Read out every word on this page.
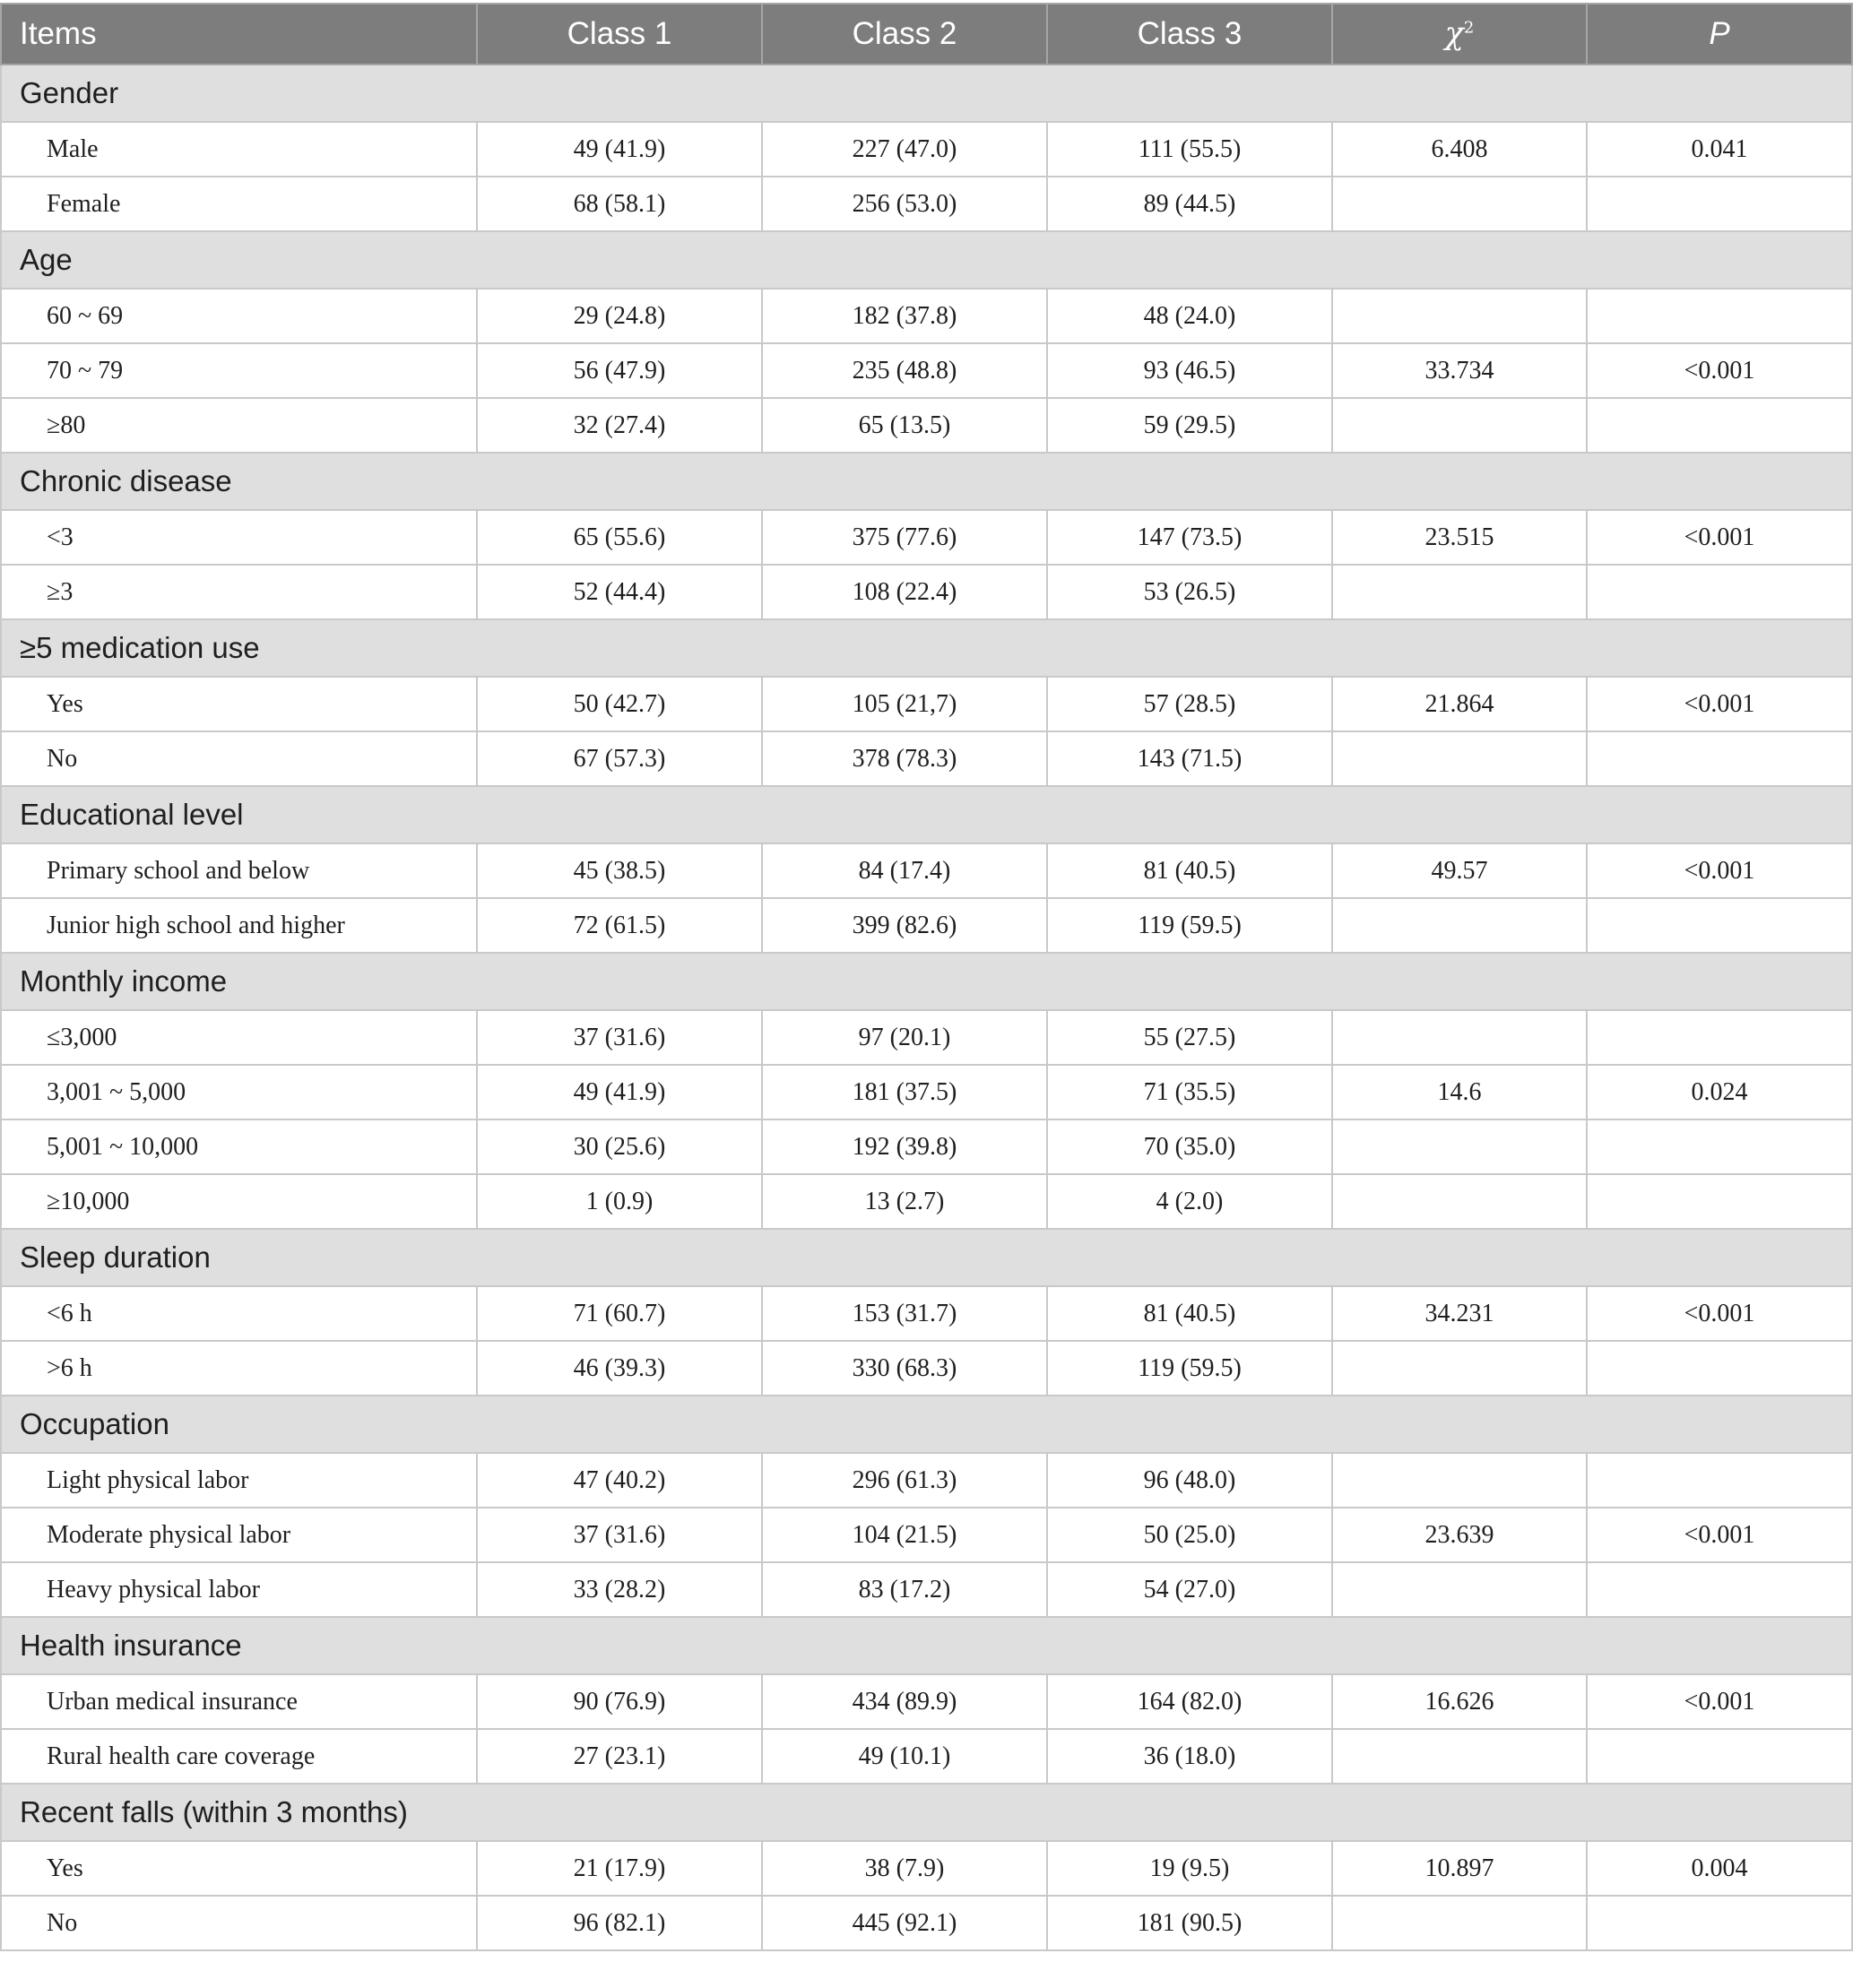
Items	Class 1	Class 2	Class 3	$\chi^2$	P
Gender					
Male	49 (41.9)	227 (47.0)	111 (55.5)	6.408	0.041
Female	68 (58.1)	256 (53.0)	89 (44.5)		
Age					
60 ~ 69	29 (24.8)	182 (37.8)	48 (24.0)		
70 ~ 79	56 (47.9)	235 (48.8)	93 (46.5)	33.734	<0.001
≥80	32 (27.4)	65 (13.5)	59 (29.5)		
Chronic disease					
<3	65 (55.6)	375 (77.6)	147 (73.5)	23.515	<0.001
≥3	52 (44.4)	108 (22.4)	53 (26.5)		
≥5 medication use					
Yes	50 (42.7)	105 (21,7)	57 (28.5)	21.864	<0.001
No	67 (57.3)	378 (78.3)	143 (71.5)		
Educational level					
Primary school and below	45 (38.5)	84 (17.4)	81 (40.5)	49.57	<0.001
Junior high school and higher	72 (61.5)	399 (82.6)	119 (59.5)		
Monthly income					
≤3,000	37 (31.6)	97 (20.1)	55 (27.5)		
3,001 ~ 5,000	49 (41.9)	181 (37.5)	71 (35.5)	14.6	0.024
5,001 ~ 10,000	30 (25.6)	192 (39.8)	70 (35.0)		
≥10,000	1 (0.9)	13 (2.7)	4 (2.0)		
Sleep duration					
<6 h	71 (60.7)	153 (31.7)	81 (40.5)	34.231	<0.001
>6 h	46 (39.3)	330 (68.3)	119 (59.5)		
Occupation					
Light physical labor	47 (40.2)	296 (61.3)	96 (48.0)		
Moderate physical labor	37 (31.6)	104 (21.5)	50 (25.0)	23.639	<0.001
Heavy physical labor	33 (28.2)	83 (17.2)	54 (27.0)		
Health insurance					
Urban medical insurance	90 (76.9)	434 (89.9)	164 (82.0)	16.626	<0.001
Rural health care coverage	27 (23.1)	49 (10.1)	36 (18.0)		
Recent falls (within 3 months)					
Yes	21 (17.9)	38 (7.9)	19 (9.5)	10.897	0.004
No	96 (82.1)	445 (92.1)	181 (90.5)		
